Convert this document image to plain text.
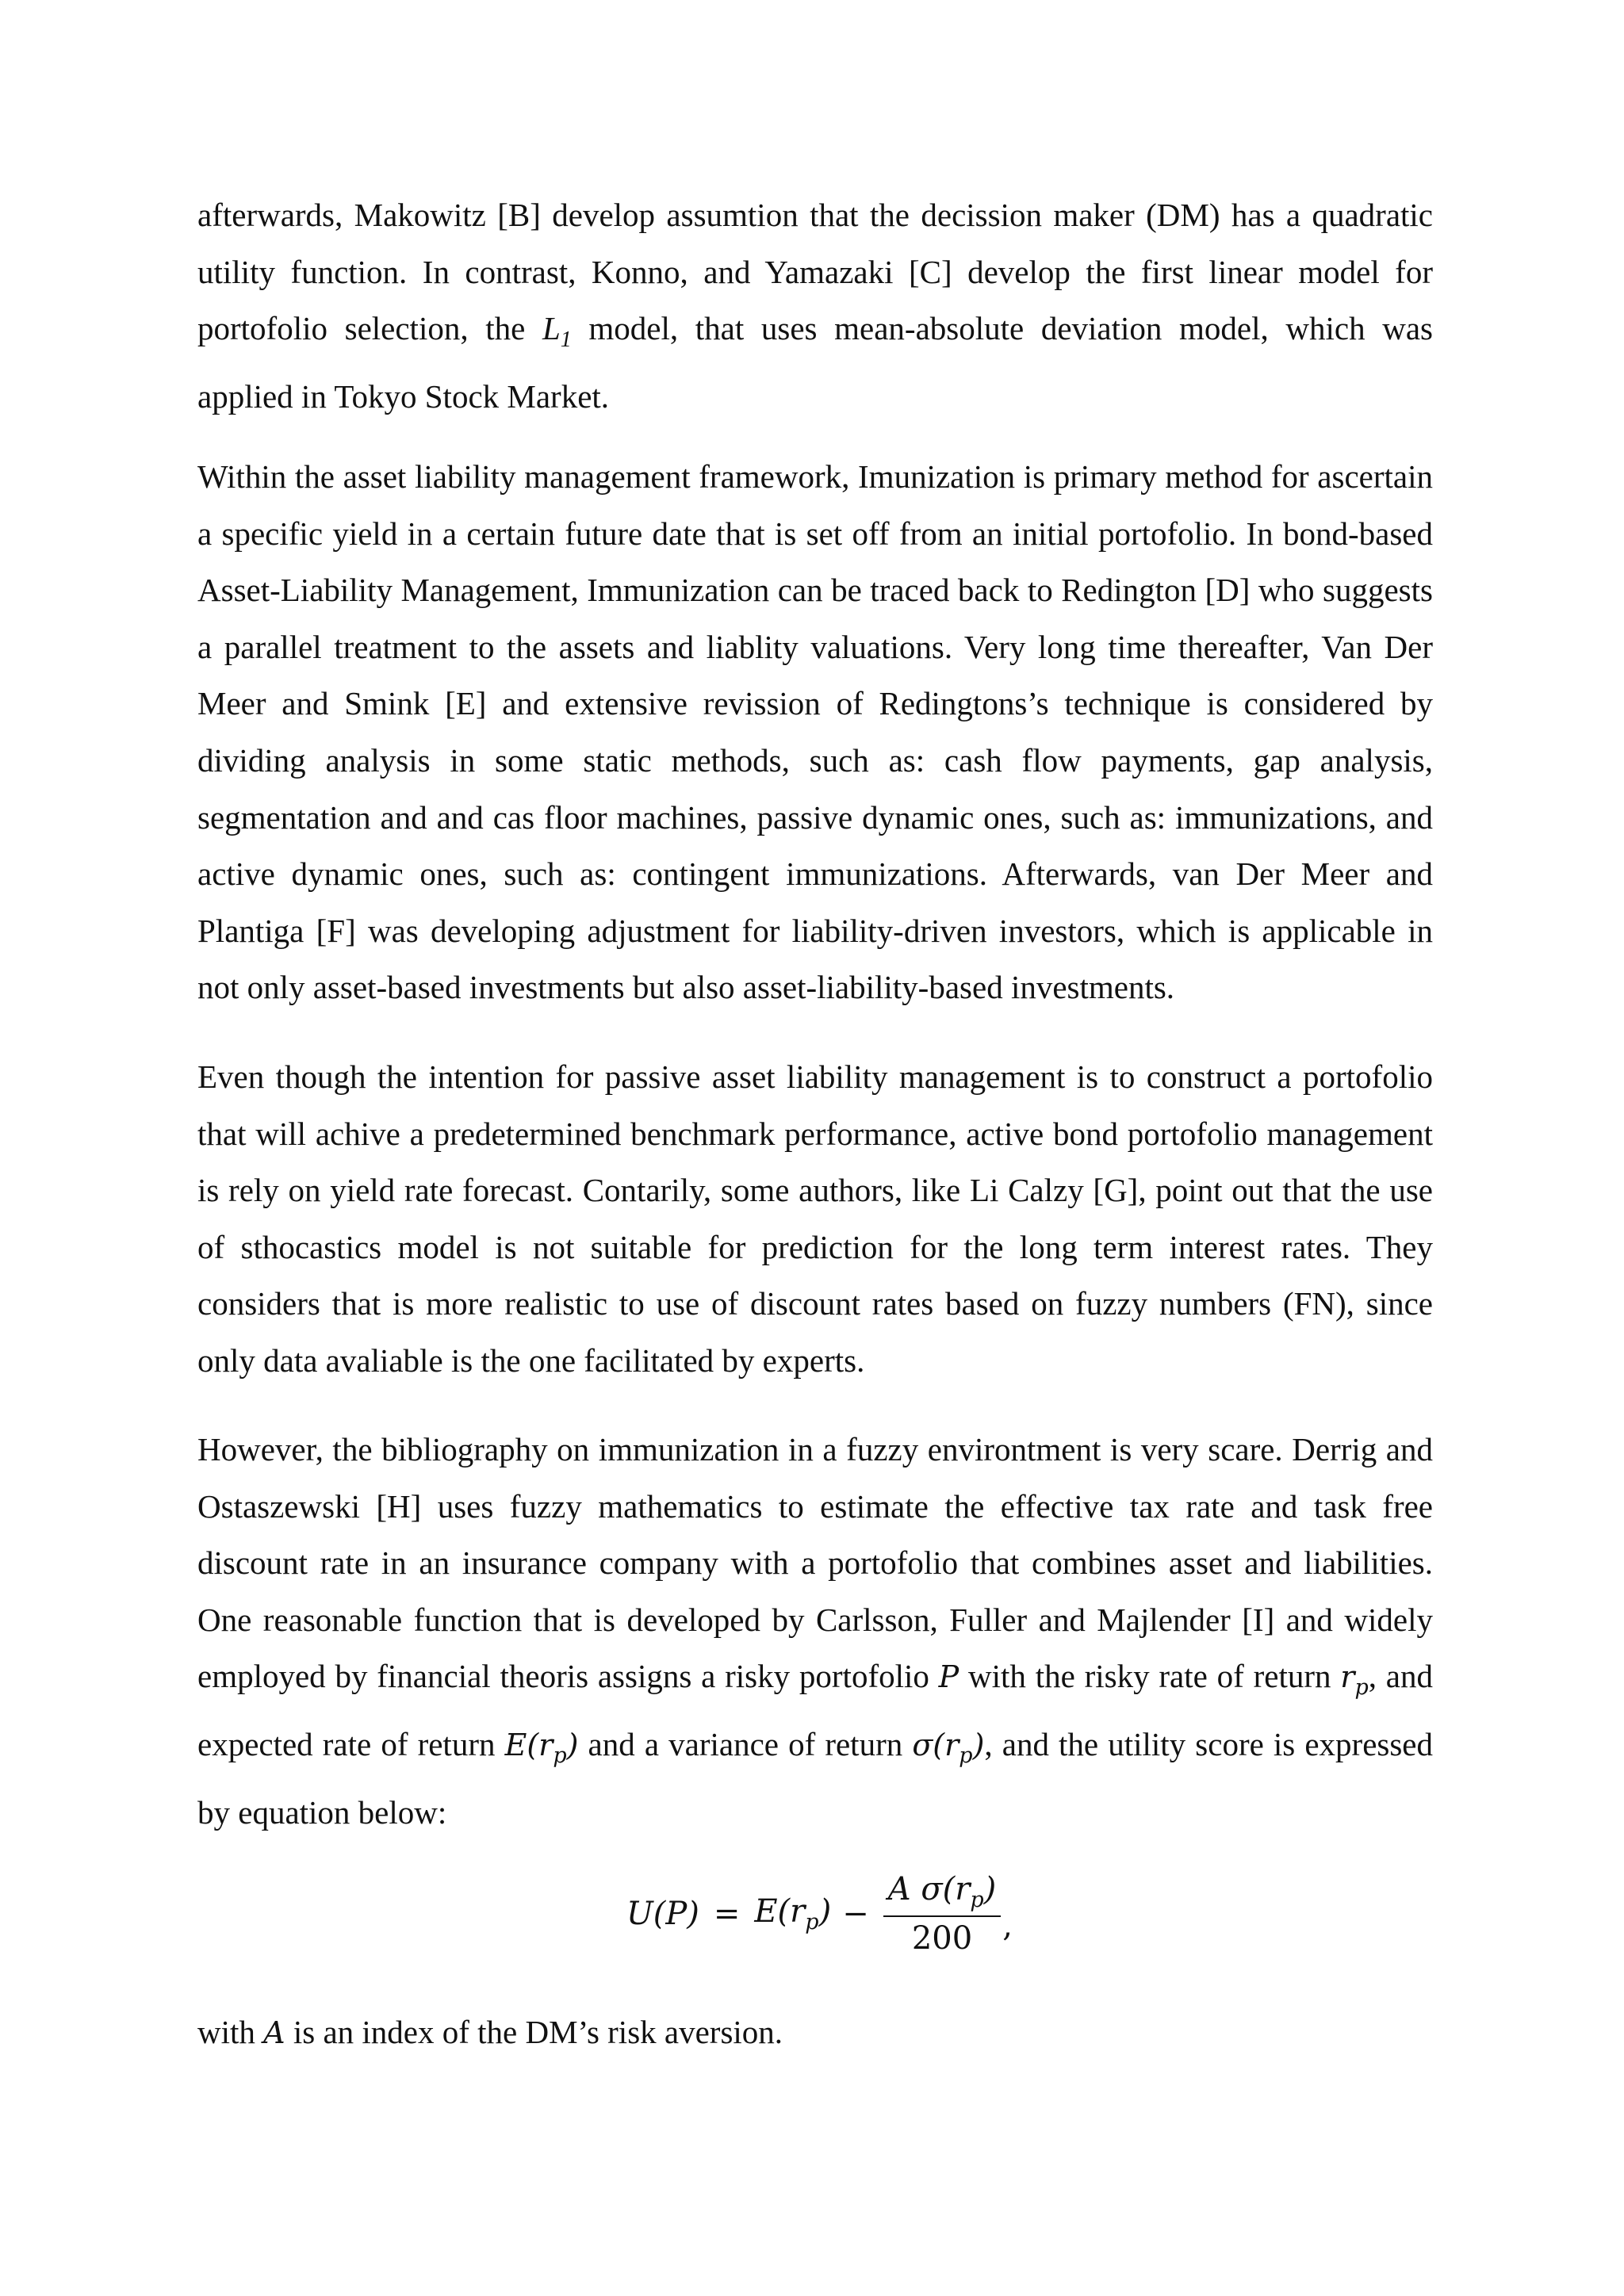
afterwards, Makowitz [B] develop assumtion that the decission maker (DM) has a quadratic utility function. In contrast, Konno, and Yamazaki [C] develop the first linear model for portofolio selection, the $L_1$ model, that uses mean-absolute deviation model, which was applied in Tokyo Stock Market.

Within the asset liability management framework, Imunization is primary method for ascertain a specific yield in a certain future date that is set off from an initial portofolio. In bond-based Asset-Liability Management, Immunization can be traced back to Redington [D] who suggests a parallel treatment to the assets and liablity valuations. Very long time thereafter, Van Der Meer and Smink [E] and extensive revission of Redingtons’s technique is considered by dividing analysis in some static methods, such as: cash flow payments, gap analysis, segmentation and and cas floor machines, passive dynamic ones, such as: immunizations, and active dynamic ones, such as: contingent immunizations. Afterwards, van Der Meer and Plantiga [F] was developing adjustment for liability-driven investors, which is applicable in not only asset-based investments but also asset-liability-based investments.

Even though the intention for passive asset liability management is to construct a portofolio that will achive a predetermined benchmark performance, active bond portofolio management is rely on yield rate forecast. Contarily, some authors, like Li Calzy [G], point out that the use of sthocastics model is not suitable for prediction for the long term interest rates. They considers that is more realistic to use of discount rates based on fuzzy numbers (FN), since only data avaliable is the one facilitated by experts.

However, the bibliography on immunization in a fuzzy environtment is very scare. Derrig and Ostaszewski [H] uses fuzzy mathematics to estimate the effective tax rate and task free discount rate in an insurance company with a portofolio that combines asset and liabilities. One reasonable function that is developed by Carlsson, Fuller and Majlender [I] and widely employed by financial theoris assigns a risky portofolio P with the risky rate of return $r_p$, and expected rate of return $E(r_p)$ and a variance of return $\sigma(r_p)$, and the utility score is expressed by equation below:

$U(P) = E(r_p) - \frac{A \sigma(r_p)}{200}$ ,
with A is an index of the DM’s risk aversion.
